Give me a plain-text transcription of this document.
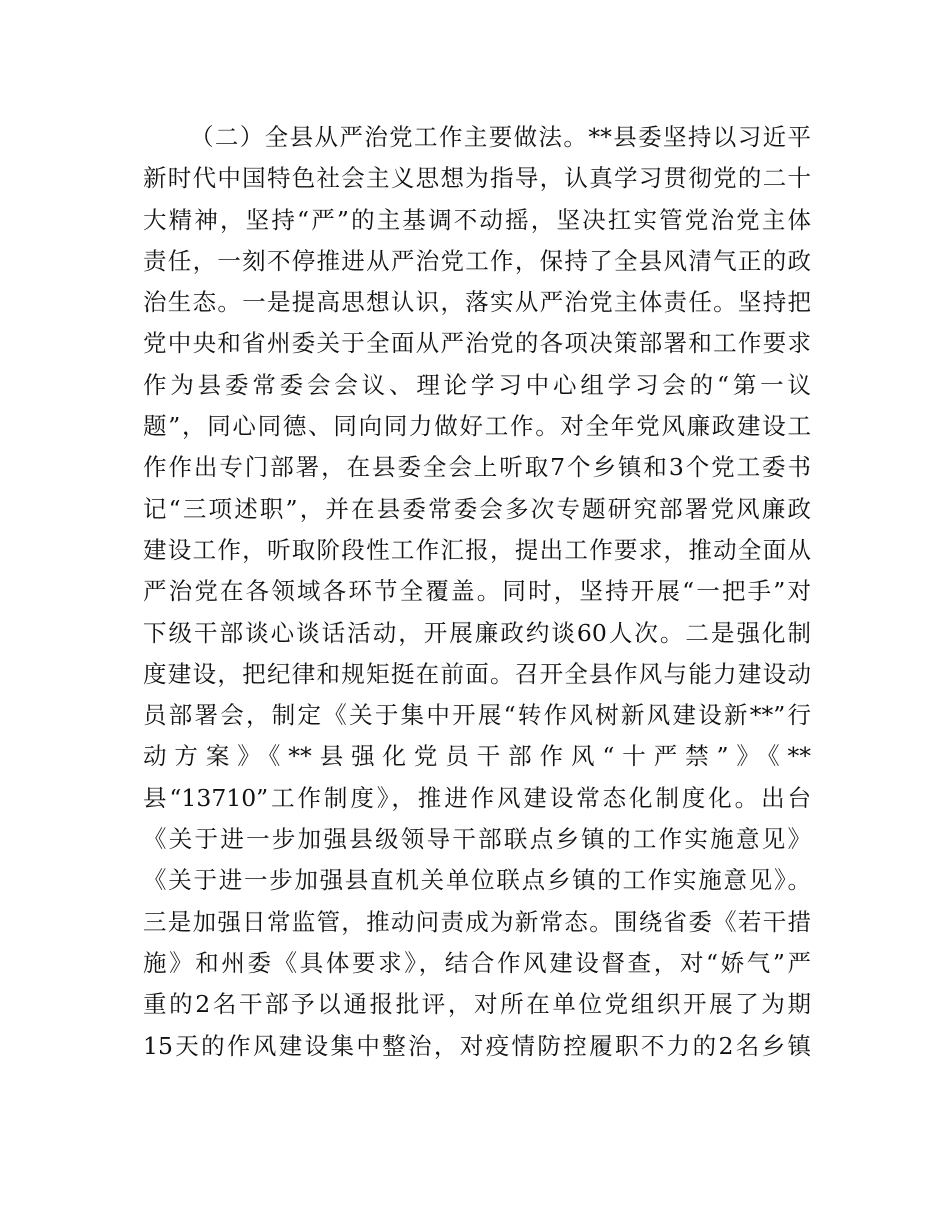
（二）全县从严治党工作主要做法。**县委坚持以习近平
新时代中国特色社会主义思想为指导，认真学习贯彻党的二十
大精神，坚持“严”的主基调不动摇，坚决扛实管党治党主体
责任，一刻不停推进从严治党工作，保持了全县风清气正的政
治生态。一是提高思想认识，落实从严治党主体责任。坚持把
党中央和省州委关于全面从严治党的各项决策部署和工作要求
作为县委常委会会议、理论学习中心组学习会的“第一议
题”，同心同德、同向同力做好工作。对全年党风廉政建设工
作作出专门部署，在县委全会上听取7个乡镇和3个党工委书
记“三项述职”，并在县委常委会多次专题研究部署党风廉政
建设工作，听取阶段性工作汇报，提出工作要求，推动全面从
严治党在各领域各环节全覆盖。同时，坚持开展“一把手”对
下级干部谈心谈话活动，开展廉政约谈60人次。二是强化制
度建设，把纪律和规矩挺在前面。召开全县作风与能力建设动
员部署会，制定《关于集中开展“转作风树新风建设新**”行
动方案》《**县强化党员干部作风“十严禁”》《**
县“13710”工作制度》，推进作风建设常态化制度化。出台
《关于进一步加强县级领导干部联点乡镇的工作实施意见》
《关于进一步加强县直机关单位联点乡镇的工作实施意见》。
三是加强日常监管，推动问责成为新常态。围绕省委《若干措
施》和州委《具体要求》，结合作风建设督查，对“娇气”严
重的2名干部予以通报批评，对所在单位党组织开展了为期
15天的作风建设集中整治，对疫情防控履职不力的2名乡镇
